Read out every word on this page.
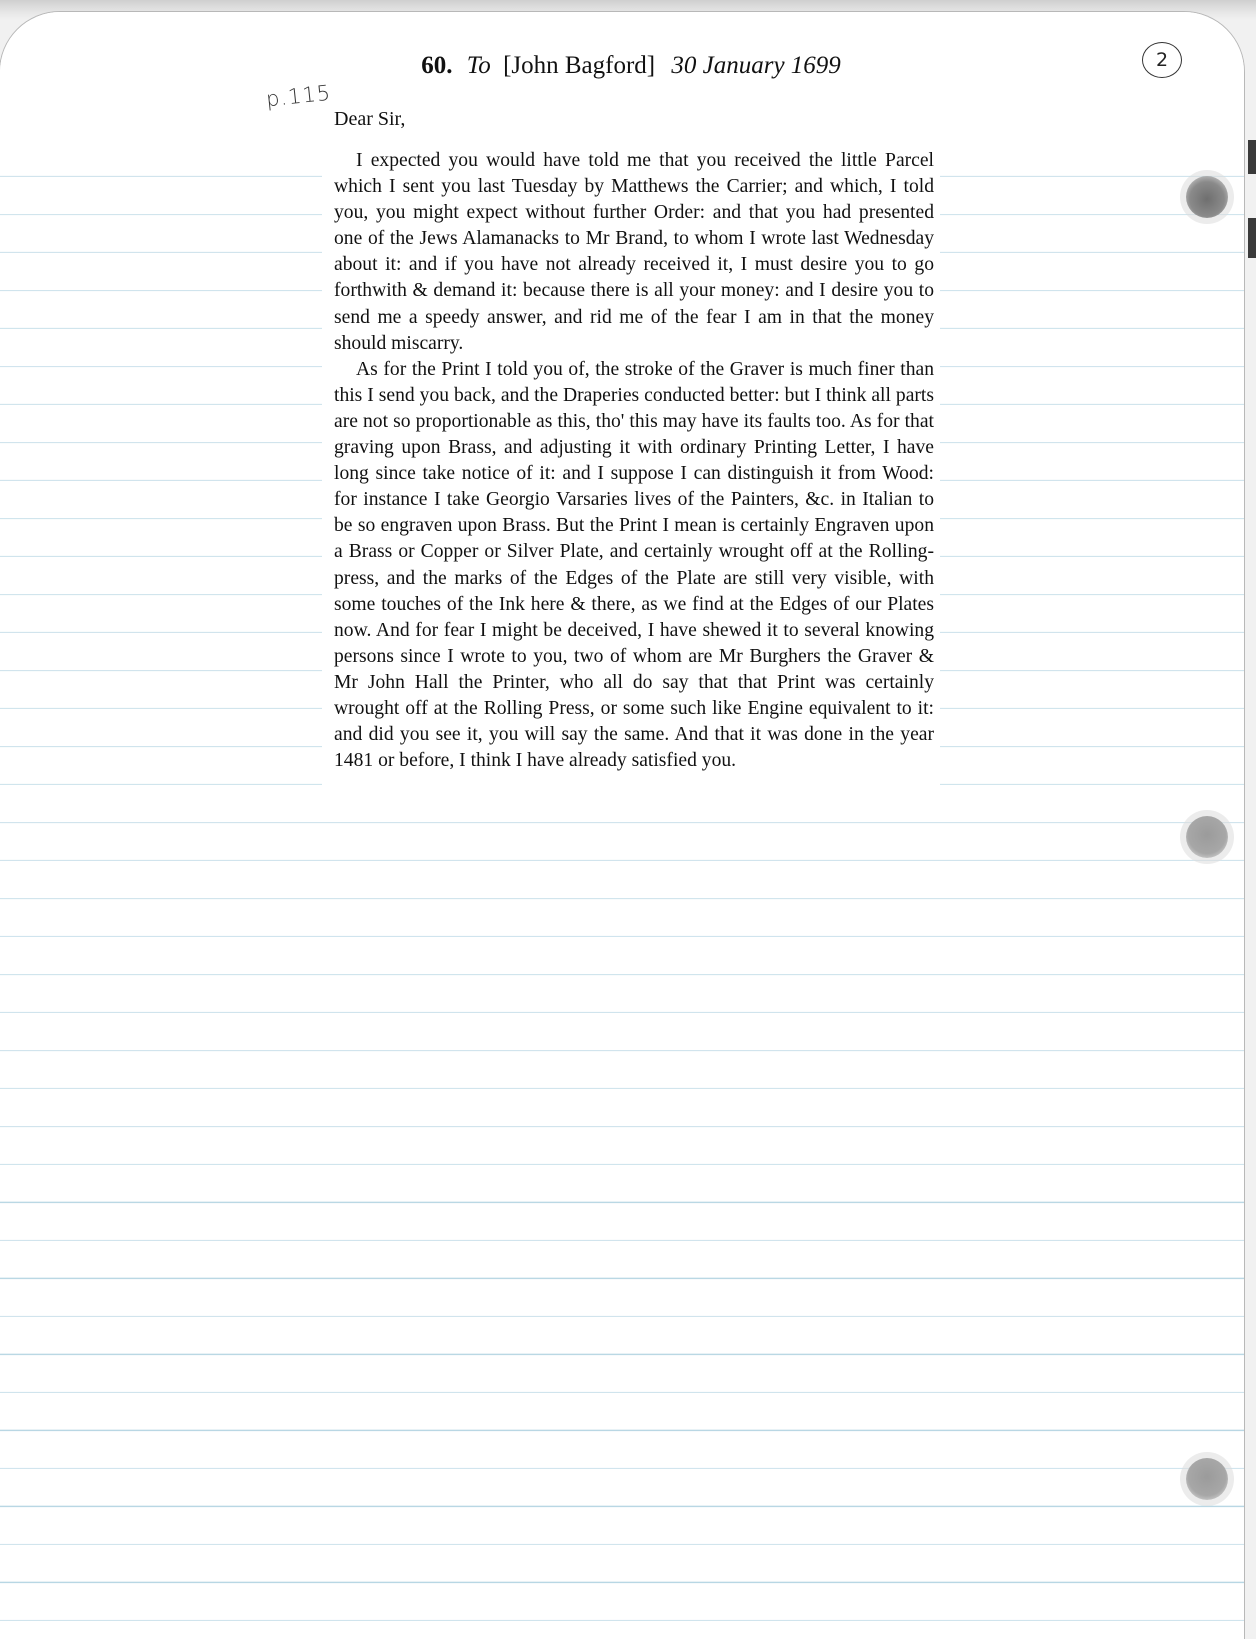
p.115
2
60. To [John Bagford] 30 January 1699
Dear Sir,

I expected you would have told me that you received the little Parcel which I sent you last Tuesday by Matthews the Carrier; and which, I told you, you might expect without further Order: and that you had presented one of the Jews Alamanacks to Mr Brand, to whom I wrote last Wednesday about it: and if you have not already received it, I must desire you to go forthwith & demand it: because there is all your money: and I desire you to send me a speedy answer, and rid me of the fear I am in that the money should miscarry.

As for the Print I told you of, the stroke of the Graver is much finer than this I send you back, and the Draperies conducted better: but I think all parts are not so proportionable as this, tho' this may have its faults too. As for that graving upon Brass, and adjusting it with ordinary Printing Letter, I have long since take notice of it: and I suppose I can distinguish it from Wood: for instance I take Georgio Varsaries lives of the Painters, &c. in Italian to be so engraven upon Brass. But the Print I mean is certainly Engraven upon a Brass or Copper or Silver Plate, and certainly wrought off at the Rolling-press, and the marks of the Edges of the Plate are still very visible, with some touches of the Ink here & there, as we find at the Edges of our Plates now. And for fear I might be deceived, I have shewed it to several knowing persons since I wrote to you, two of whom are Mr Burghers the Graver & Mr John Hall the Printer, who all do say that that Print was certainly wrought off at the Rolling Press, or some such like Engine equivalent to it: and did you see it, you will say the same. And that it was done in the year 1481 or before, I think I have already satisfied you.
